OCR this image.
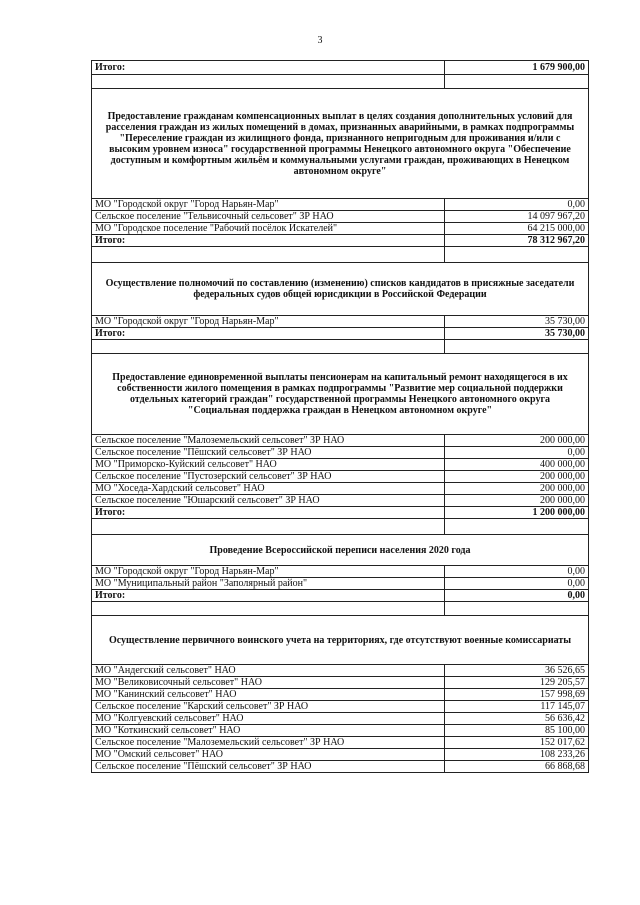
3
Итого:	1 679 900,00

Предоставление гражданам компенсационных выплат в целях создания дополнительных условий для расселения граждан из жилых помещений в домах, признанных аварийными, в рамках подпрограммы "Переселение граждан из жилищного фонда, признанного непригодным для проживания и/или с высоким уровнем износа" государственной программы Ненецкого автономного округа "Обеспечение доступным и комфортным жильём и коммунальными услугами граждан, проживающих в Ненецком автономном округе"	
МО "Городской округ "Город Нарьян-Мар"	0,00
Сельское поселение "Тельвисочный сельсовет" ЗР НАО	14 097 967,20
МО "Городское поселение "Рабочий посёлок Искателей"	64 215 000,00
Итого:	78 312 967,20

Осуществление полномочий по составлению (изменению) списков кандидатов в присяжные заседатели федеральных судов общей юрисдикции в Российской Федерации	
МО "Городской округ "Город Нарьян-Мар"	35 730,00
Итого:	35 730,00

Предоставление единовременной выплаты пенсионерам на капитальный ремонт находящегося в их собственности жилого помещения в рамках подпрограммы "Развитие мер социальной поддержки отдельных категорий граждан" государственной программы Ненецкого автономного округа "Социальная поддержка граждан в Ненецком автономном округе"	
Сельское поселение "Малоземельский сельсовет" ЗР НАО	200 000,00
Сельское поселение "Пёшский сельсовет" ЗР НАО	0,00
МО "Приморско-Куйский сельсовет" НАО	400 000,00
Сельское поселение "Пустозерский сельсовет" ЗР НАО	200 000,00
МО "Хоседа-Хардский сельсовет" НАО	200 000,00
Сельское поселение "Юшарский сельсовет" ЗР НАО	200 000,00
Итого:	1 200 000,00

Проведение Всероссийской переписи населения 2020 года	
МО "Городской округ "Город Нарьян-Мар"	0,00
МО "Муниципальный район "Заполярный район"	0,00
Итого:	0,00

Осуществление первичного воинского учета на территориях, где отсутствуют военные комиссариаты	
МО "Андегский сельсовет" НАО	36 526,65
МО "Великовисочный сельсовет" НАО	129 205,57
МО "Канинский сельсовет" НАО	157 998,69
Сельское поселение "Карский сельсовет" ЗР НАО	117 145,07
МО "Колгуевский сельсовет" НАО	56 636,42
МО "Коткинский сельсовет" НАО	85 100,00
Сельское поселение "Малоземельский сельсовет" ЗР НАО	152 017,62
МО "Омский сельсовет" НАО	108 233,26
Сельское поселение "Пёшский сельсовет" ЗР НАО	66 868,68
